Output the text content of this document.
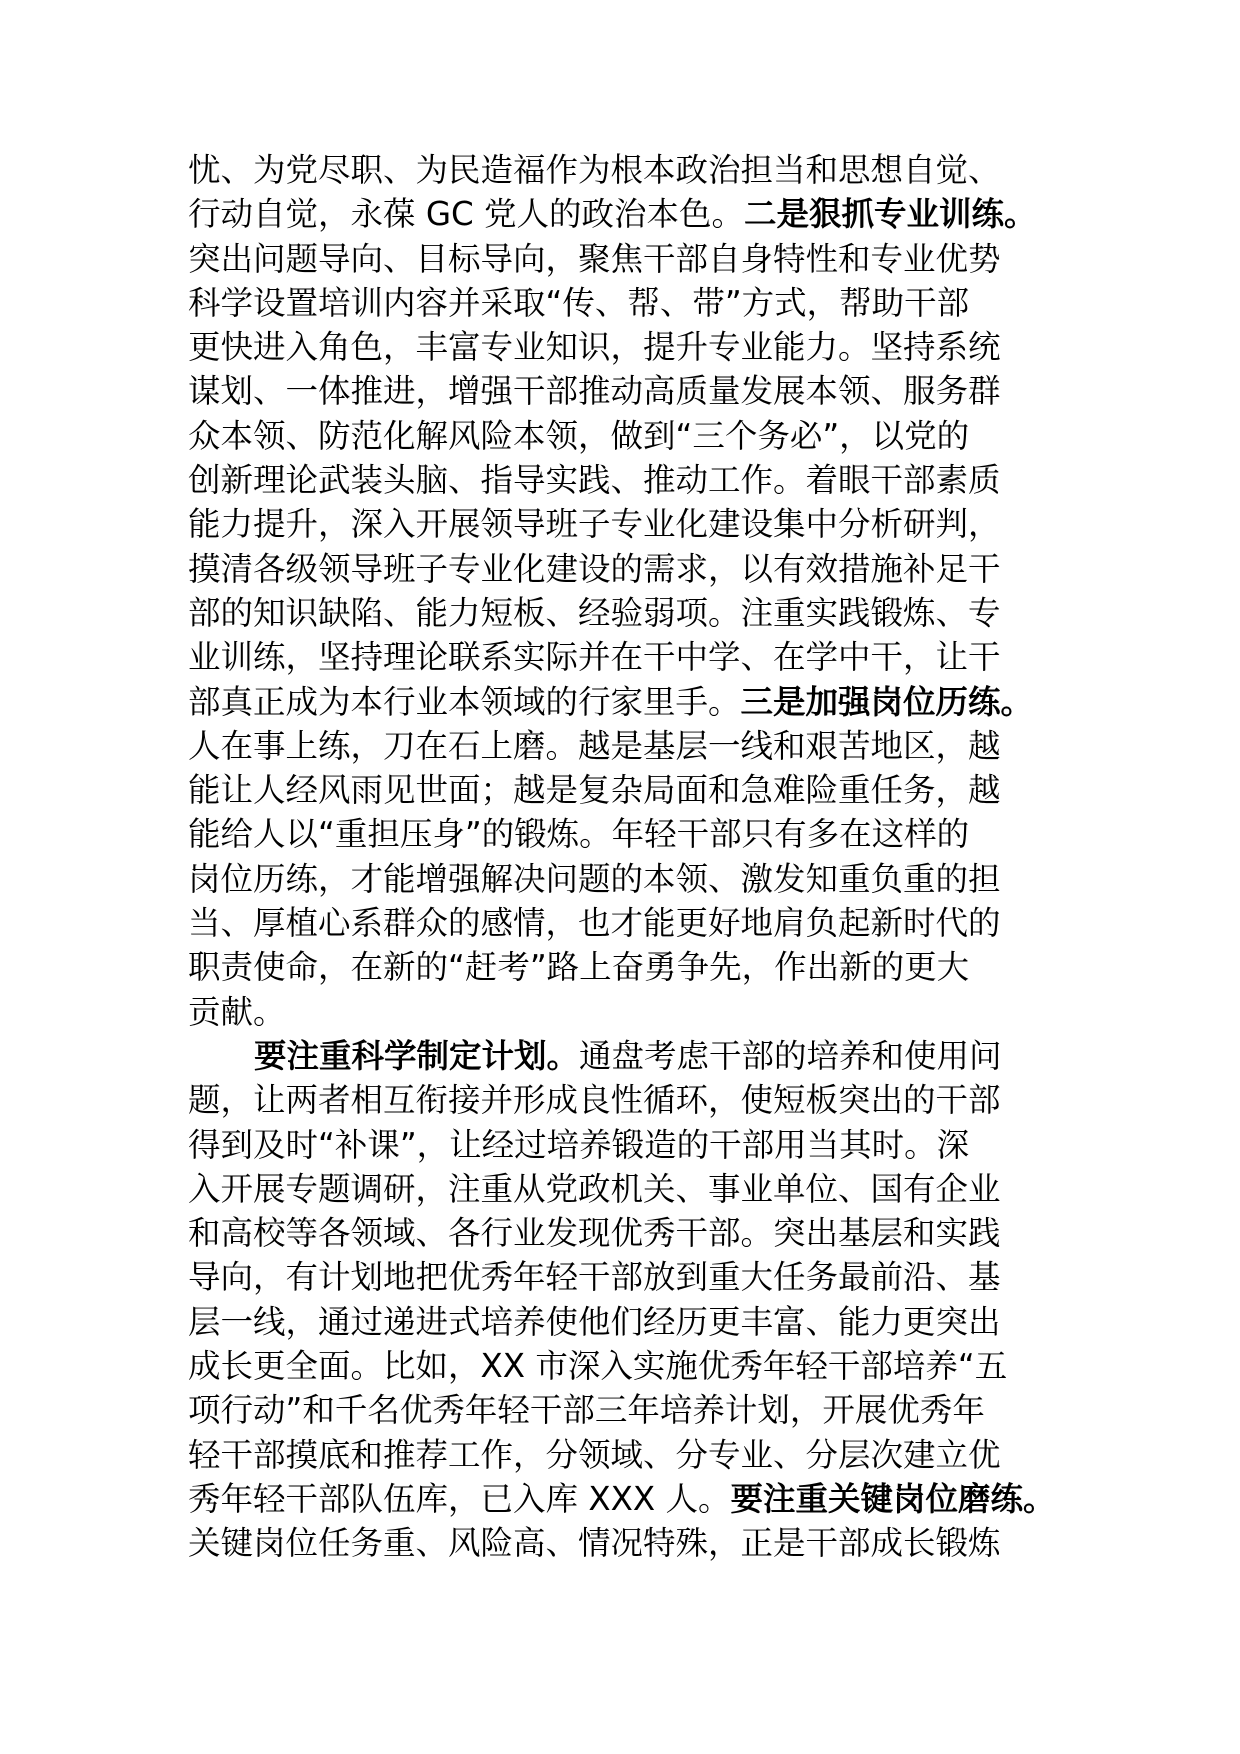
忧、为党尽职、为民造福作为根本政治担当和思想自觉、
行动自觉，永葆 GC 党人的政治本色。二是狠抓专业训练。
突出问题导向、目标导向，聚焦干部自身特性和专业优势
科学设置培训内容并采取“传、帮、带”方式，帮助干部
更快进入角色，丰富专业知识，提升专业能力。坚持系统
谋划、一体推进，增强干部推动高质量发展本领、服务群
众本领、防范化解风险本领，做到“三个务必”，以党的
创新理论武装头脑、指导实践、推动工作。着眼干部素质
能力提升，深入开展领导班子专业化建设集中分析研判，
摸清各级领导班子专业化建设的需求，以有效措施补足干
部的知识缺陷、能力短板、经验弱项。注重实践锻炼、专
业训练，坚持理论联系实际并在干中学、在学中干，让干
部真正成为本行业本领域的行家里手。三是加强岗位历练。
人在事上练，刀在石上磨。越是基层一线和艰苦地区，越
能让人经风雨见世面；越是复杂局面和急难险重任务，越
能给人以“重担压身”的锻炼。年轻干部只有多在这样的
岗位历练，才能增强解决问题的本领、激发知重负重的担
当、厚植心系群众的感情，也才能更好地肩负起新时代的
职责使命，在新的“赶考”路上奋勇争先，作出新的更大
贡献。
要注重科学制定计划。通盘考虑干部的培养和使用问
题，让两者相互衔接并形成良性循环，使短板突出的干部
得到及时“补课”，让经过培养锻造的干部用当其时。深
入开展专题调研，注重从党政机关、事业单位、国有企业
和高校等各领域、各行业发现优秀干部。突出基层和实践
导向，有计划地把优秀年轻干部放到重大任务最前沿、基
层一线，通过递进式培养使他们经历更丰富、能力更突出
成长更全面。比如，XX 市深入实施优秀年轻干部培养“五
项行动”和千名优秀年轻干部三年培养计划，开展优秀年
轻干部摸底和推荐工作，分领域、分专业、分层次建立优
秀年轻干部队伍库，已入库 XXX 人。要注重关键岗位磨练。
关键岗位任务重、风险高、情况特殊，正是干部成长锻炼
